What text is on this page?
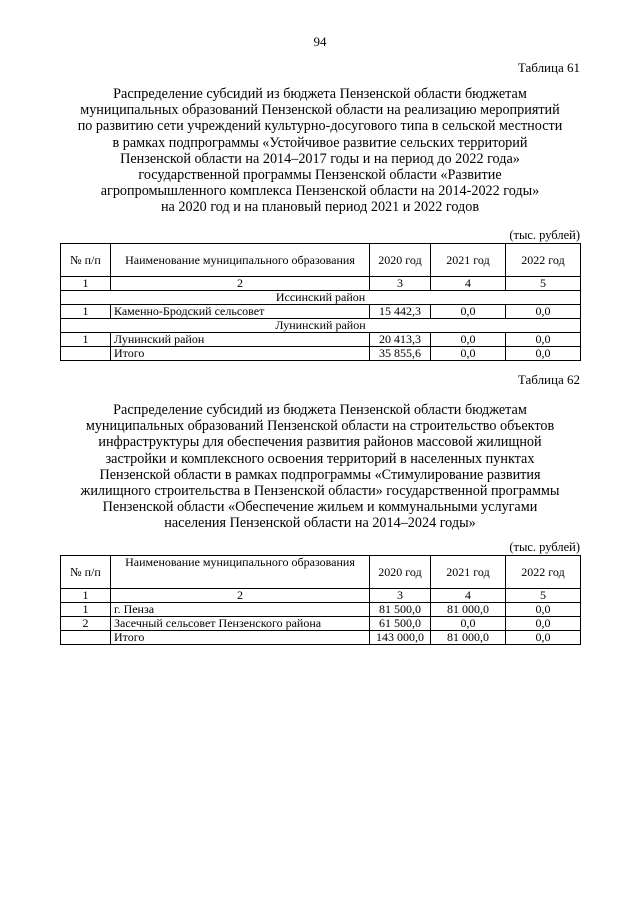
94
Таблица 61
Распределение субсидий из бюджета Пензенской области бюджетам
муниципальных образований Пензенской области на реализацию мероприятий
по развитию сети учреждений культурно-досугового типа в сельской местности
в рамках подпрограммы «Устойчивое развитие сельских территорий
Пензенской области на 2014–2017 годы и на период до 2022 года»
государственной программы Пензенской области «Развитие
агропромышленного комплекса Пензенской области на 2014-2022 годы»
на 2020 год и на плановый период 2021 и 2022 годов
(тыс. рублей)
№ п/п	Наименование муниципального образования	2020 год	2021 год	2022 год
1	2	3	4	5
Иссинский район				
1	Каменно-Бродский сельсовет	15 442,3	0,0	0,0
Лунинский район				
1	Лунинский район	20 413,3	0,0	0,0
	Итого	35 855,6	0,0	0,0
Таблица 62
Распределение субсидий из бюджета Пензенской области бюджетам
муниципальных образований Пензенской области на строительство объектов
инфраструктуры для обеспечения развития районов массовой жилищной
застройки и комплексного освоения территорий в населенных пунктах
Пензенской области в рамках подпрограммы «Стимулирование развития
жилищного строительства в Пензенской области» государственной программы
Пензенской области «Обеспечение жильем и коммунальными услугами
населения Пензенской области на 2014–2024 годы»
(тыс. рублей)
№ п/п	Наименование муниципального образования	2020 год	2021 год	2022 год
1	2	3	4	5
1	г. Пенза	81 500,0	81 000,0	0,0
2	Засечный сельсовет Пензенского района	61 500,0	0,0	0,0
	Итого	143 000,0	81 000,0	0,0
